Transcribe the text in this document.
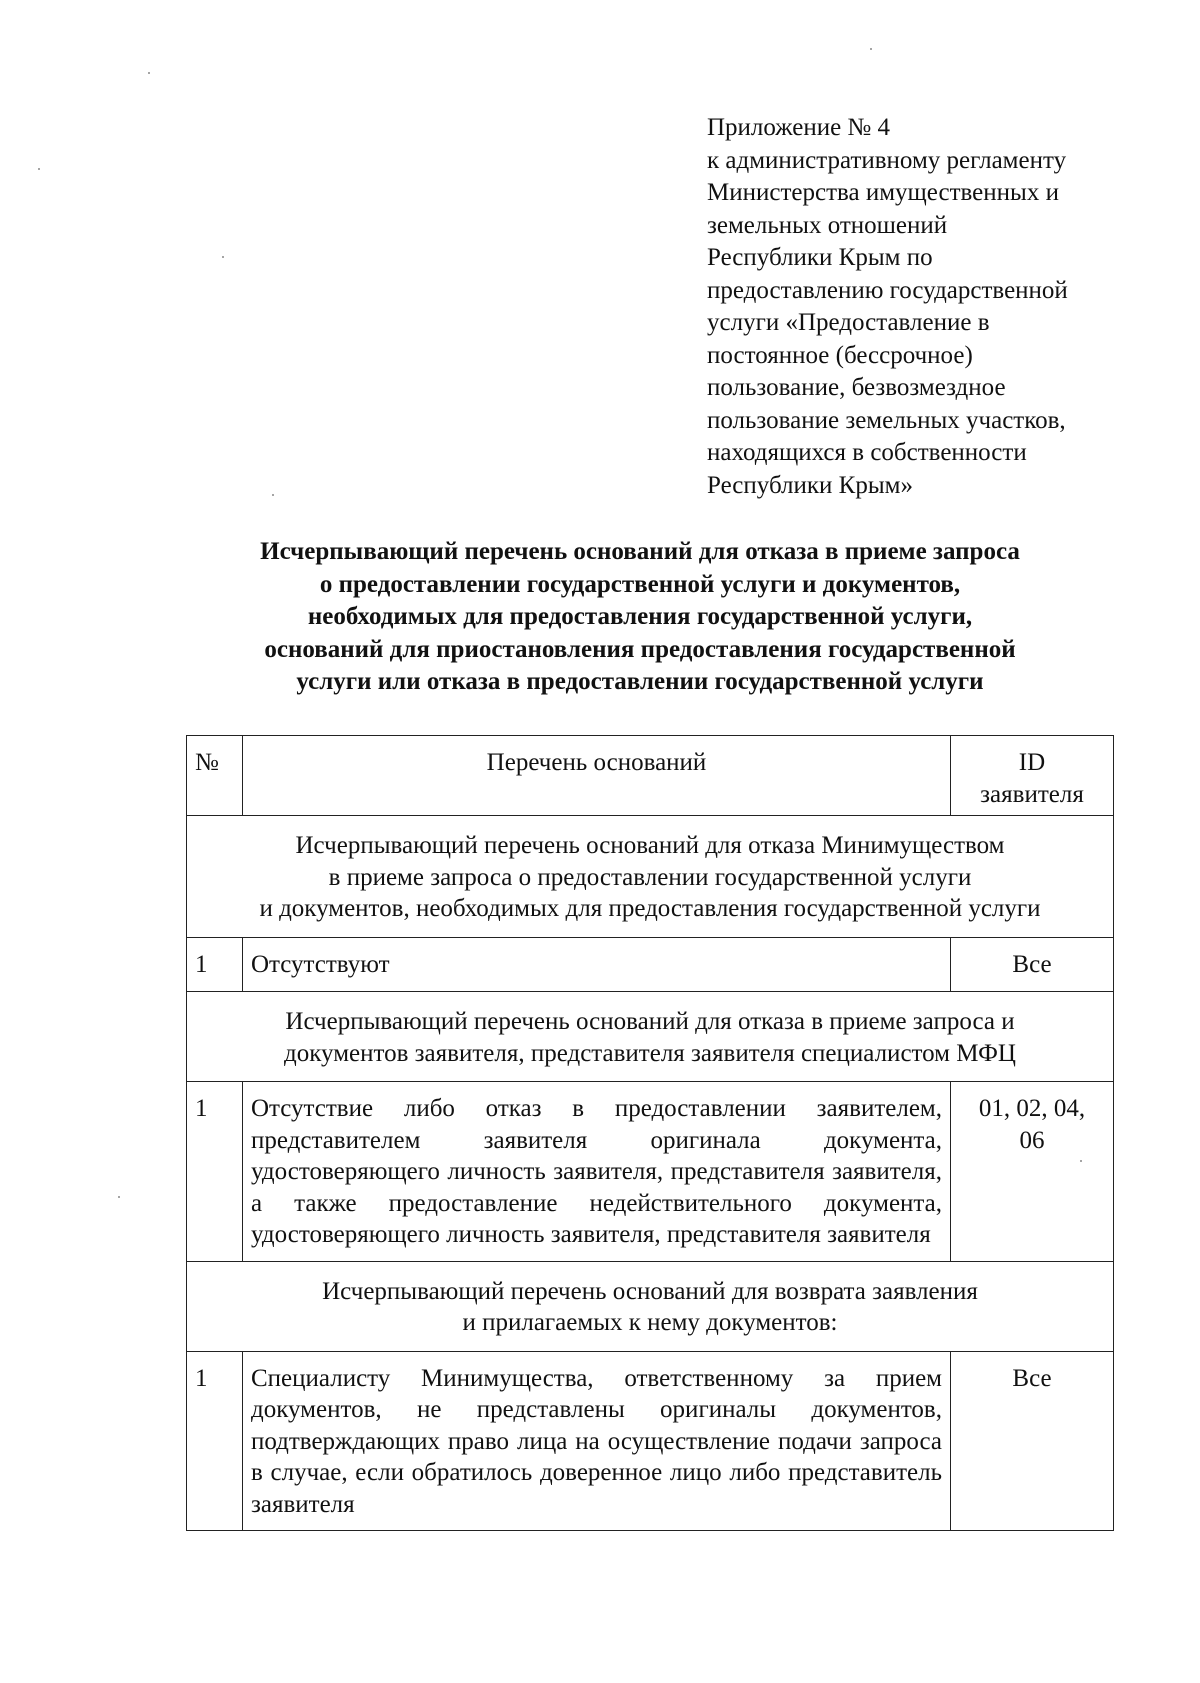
Приложение № 4
к административному регламенту
Министерства имущественных и
земельных отношений
Республики Крым по
предоставлению государственной
услуги «Предоставление в
постоянное (бессрочное)
пользование, безвозмездное
пользование земельных участков,
находящихся в собственности
Республики Крым»
Исчерпывающий перечень оснований для отказа в приеме запроса
о предоставлении государственной услуги и документов,
необходимых для предоставления государственной услуги,
оснований для приостановления предоставления государственной
услуги или отказа в предоставлении государственной услуги
№	Перечень оснований	ID
заявителя

Исчерпывающий перечень оснований для отказа Минимуществом
в приеме запроса о предоставлении государственной услуги
и документов, необходимых для предоставления государственной услуги		

1	Отсутствуют	Все

Исчерпывающий перечень оснований для отказа в приеме запроса и
документов заявителя, представителя заявителя специалистом МФЦ		

1	Отсутствие либо отказ в предоставлении заявителем, представителем заявителя оригинала документа, удостоверяющего личность заявителя, представителя заявителя, а также предоставление недействительного документа, удостоверяющего личность заявителя, представителя заявителя	01, 02, 04,
06

Исчерпывающий перечень оснований для возврата заявления
и прилагаемых к нему документов:		

1	Специалисту Минимущества, ответственному за прием документов, не представлены оригиналы документов, подтверждающих право лица на осуществление подачи запроса в случае, если обратилось доверенное лицо либо представитель заявителя	Все
